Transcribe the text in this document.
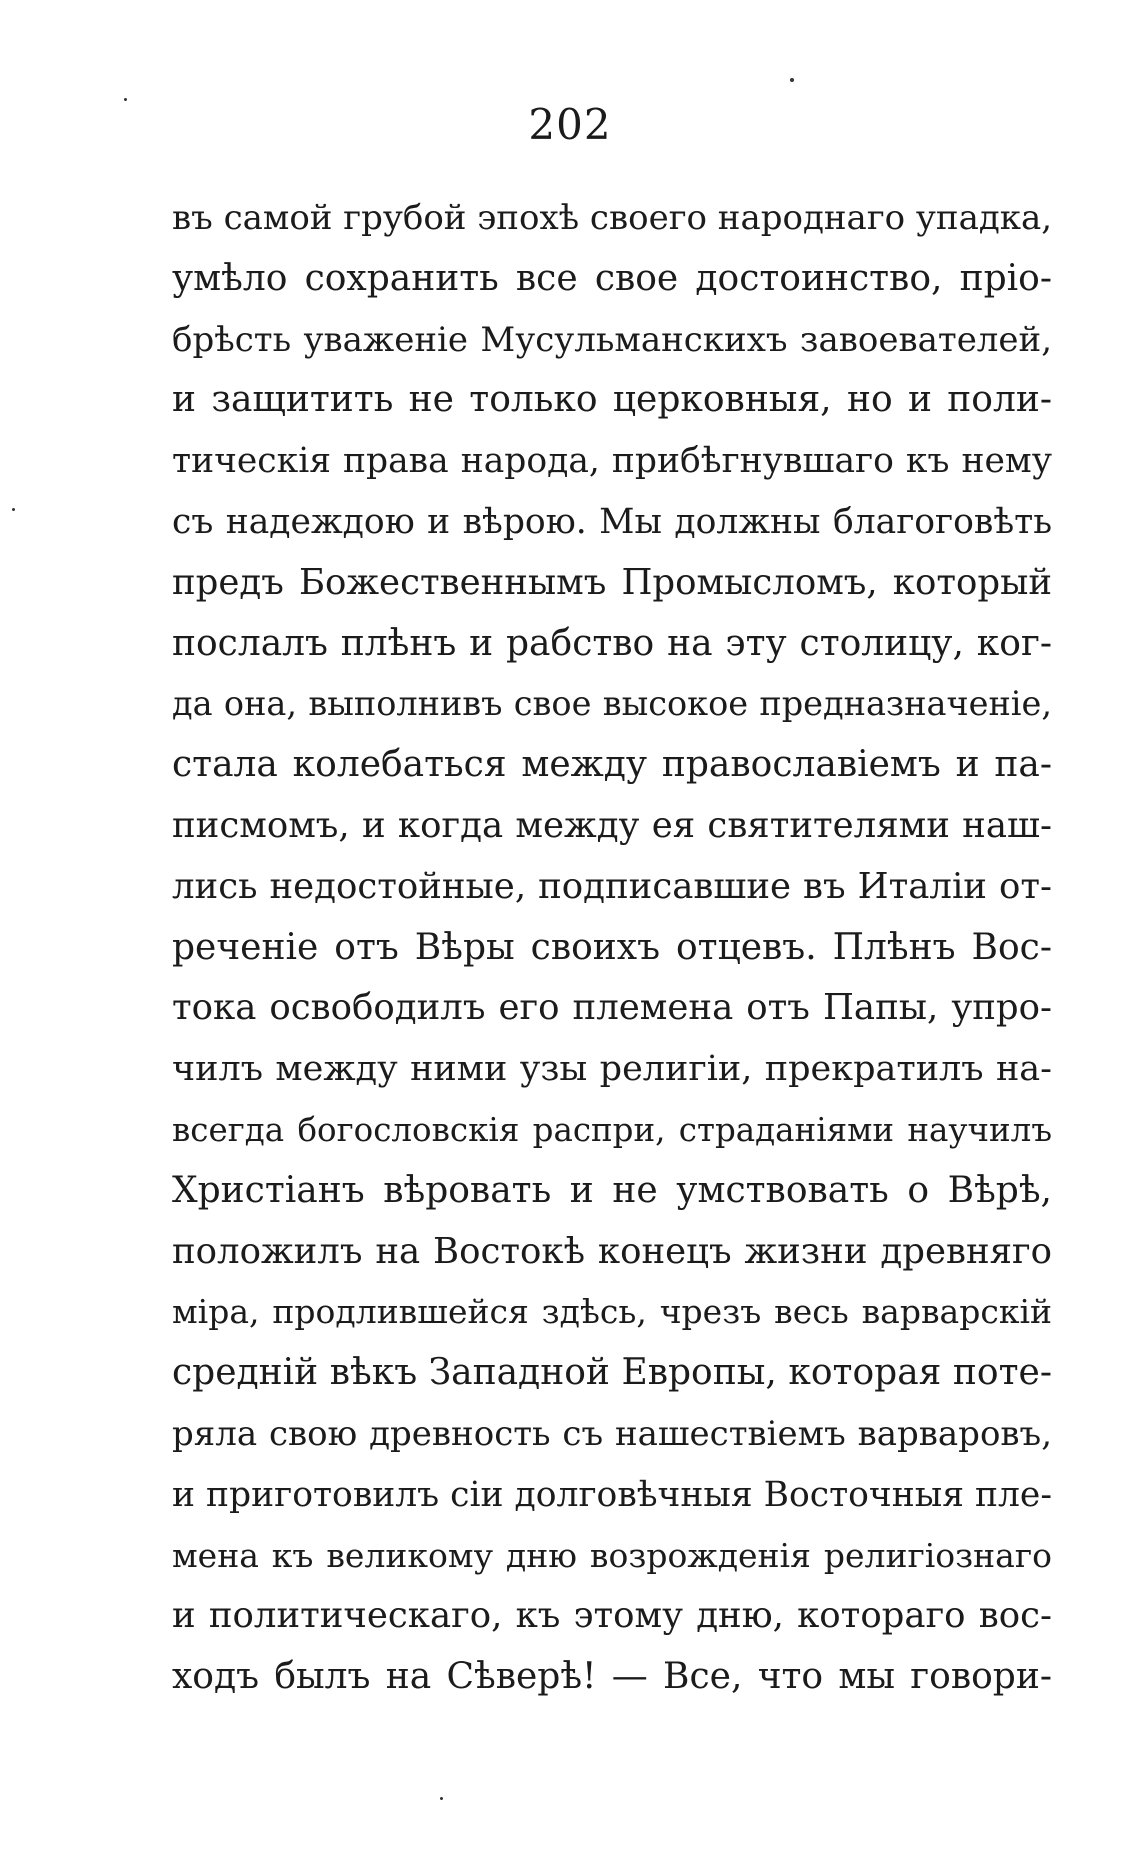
202
въ самой грубой эпохѣ своего народнаго упадка,
умѣло сохранить все свое достоинство, прiо-
брѣсть уваженiе Мусульманскихъ завоевателей,
и защитить не только церковныя, но и поли-
тическiя права народа, прибѣгнувшаго къ нему
съ надеждою и вѣрою. Мы должны благоговѣть
предъ Божественнымъ Промысломъ, который
послалъ плѣнъ и рабство на эту столицу, ког-
да она, выполнивъ свое высокое предназначенiе,
стала колебаться между православiемъ и па-
писмомъ, и когда между ея святителями наш-
лись недостойные, подписавшие въ Италiи от-
реченiе отъ Вѣры своихъ отцевъ. Плѣнъ Вос-
тока освободилъ его племена отъ Папы, упро-
чилъ между ними узы религiи, прекратилъ на-
всегда богословскiя распри, страданiями научилъ
Христiанъ вѣровать и не умствовать о Вѣрѣ,
положилъ на Востокѣ конецъ жизни древняго
мiра, продлившейся здѣсь, чрезъ весь варварскiй
среднiй вѣкъ Западной Европы, которая поте-
ряла свою древность съ нашествiемъ варваровъ,
и приготовилъ сiи долговѣчныя Восточныя пле-
мена къ великому дню возрожденiя религiознаго
и политическаго, къ этому дню, котораго вос-
ходъ былъ на Сѣверѣ! — Все, что мы говори-
